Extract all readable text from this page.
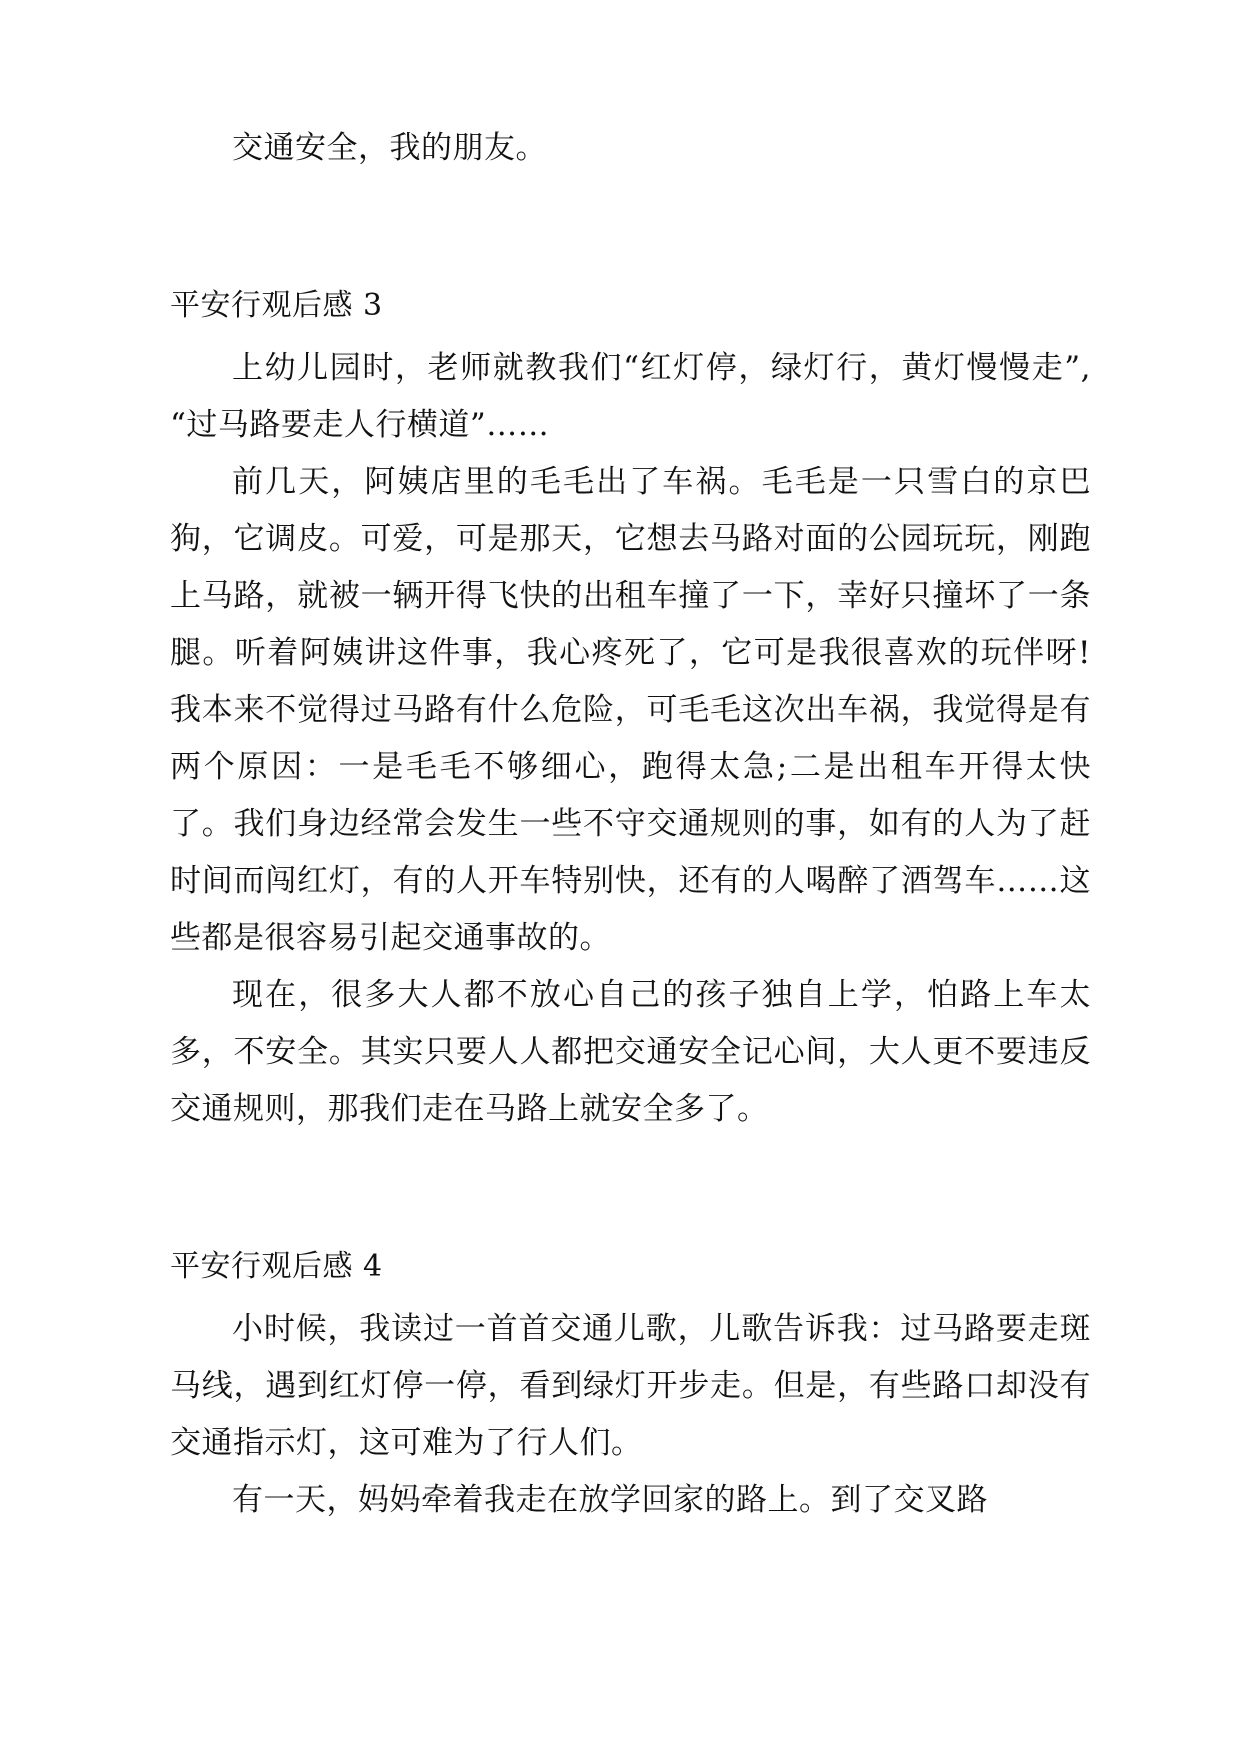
交通安全，我的朋友。

平安行观后感 3

上幼儿园时，老师就教我们“红灯停，绿灯行，黄灯慢慢走”,“过马路要走人行横道”……

前几天，阿姨店里的毛毛出了车祸。毛毛是一只雪白的京巴狗，它调皮。可爱，可是那天，它想去马路对面的公园玩玩，刚跑上马路，就被一辆开得飞快的出租车撞了一下，幸好只撞坏了一条腿。听着阿姨讲这件事，我心疼死了，它可是我很喜欢的玩伴呀!我本来不觉得过马路有什么危险，可毛毛这次出车祸，我觉得是有两个原因：一是毛毛不够细心，跑得太急;二是出租车开得太快了。我们身边经常会发生一些不守交通规则的事，如有的人为了赶时间而闯红灯，有的人开车特别快，还有的人喝醉了酒驾车……这些都是很容易引起交通事故的。

现在，很多大人都不放心自己的孩子独自上学，怕路上车太多，不安全。其实只要人人都把交通安全记心间，大人更不要违反交通规则，那我们走在马路上就安全多了。

平安行观后感 4

小时候，我读过一首首交通儿歌，儿歌告诉我：过马路要走斑马线，遇到红灯停一停，看到绿灯开步走。但是，有些路口却没有交通指示灯，这可难为了行人们。

有一天，妈妈牵着我走在放学回家的路上。到了交叉路
